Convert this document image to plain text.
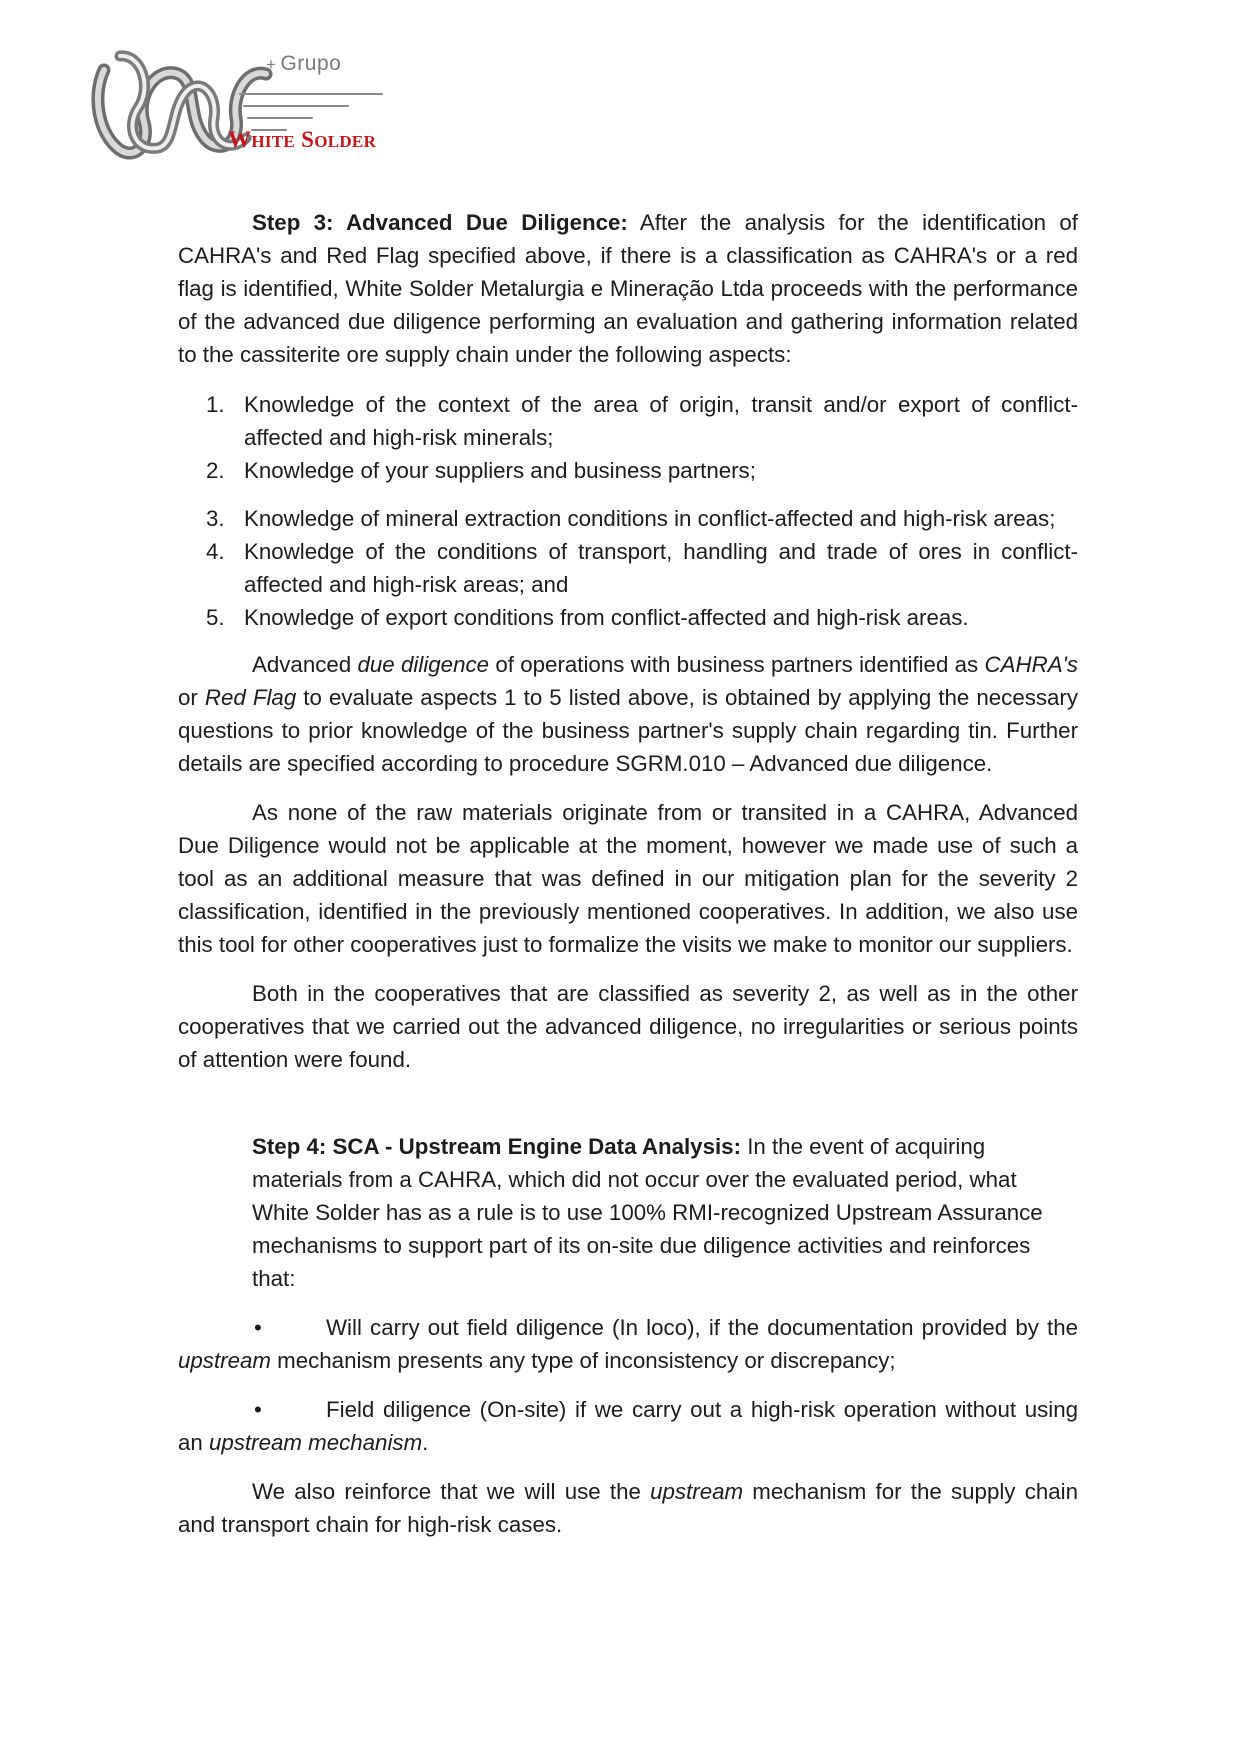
+ Grupo
WHITE SOLDER

Step 3: Advanced Due Diligence: After the analysis for the identification of CAHRA's and Red Flag specified above, if there is a classification as CAHRA's or a red flag is identified, White Solder Metalurgia e Mineração Ltda proceeds with the performance of the advanced due diligence performing an evaluation and gathering information related to the cassiterite ore supply chain under the following aspects:

1. Knowledge of the context of the area of origin, transit and/or export of conflict-affected and high-risk minerals;
2. Knowledge of your suppliers and business partners;
3. Knowledge of mineral extraction conditions in conflict-affected and high-risk areas;
4. Knowledge of the conditions of transport, handling and trade of ores in conflict-affected and high-risk areas; and
5. Knowledge of export conditions from conflict-affected and high-risk areas.

Advanced due diligence of operations with business partners identified as CAHRA's or Red Flag to evaluate aspects 1 to 5 listed above, is obtained by applying the necessary questions to prior knowledge of the business partner's supply chain regarding tin. Further details are specified according to procedure SGRM.010 – Advanced due diligence.

As none of the raw materials originate from or transited in a CAHRA, Advanced Due Diligence would not be applicable at the moment, however we made use of such a tool as an additional measure that was defined in our mitigation plan for the severity 2 classification, identified in the previously mentioned cooperatives. In addition, we also use this tool for other cooperatives just to formalize the visits we make to monitor our suppliers.

Both in the cooperatives that are classified as severity 2, as well as in the other cooperatives that we carried out the advanced diligence, no irregularities or serious points of attention were found.

Step 4: SCA - Upstream Engine Data Analysis: In the event of acquiring materials from a CAHRA, which did not occur over the evaluated period, what White Solder has as a rule is to use 100% RMI-recognized Upstream Assurance mechanisms to support part of its on-site due diligence activities and reinforces that:

•	Will carry out field diligence (In loco), if the documentation provided by the upstream mechanism presents any type of inconsistency or discrepancy;

•	Field diligence (On-site) if we carry out a high-risk operation without using an upstream mechanism.

We also reinforce that we will use the upstream mechanism for the supply chain and transport chain for high-risk cases.
